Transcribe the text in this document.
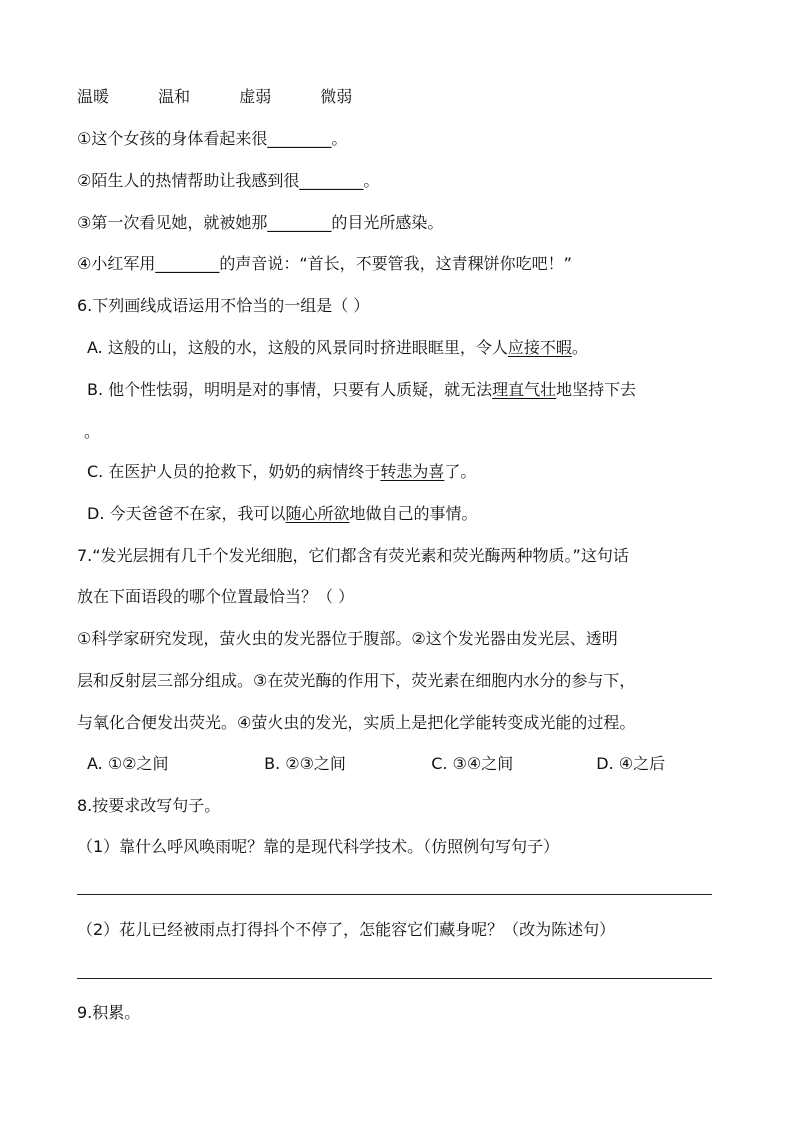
温暖	温和	虚弱	微弱
①这个女孩的身体看起来很________。
②陌生人的热情帮助让我感到很________。
③第一次看见她，就被她那________的目光所感染。
④小红军用________的声音说：“首长，不要管我，这青稞饼你吃吧！”
6.下列画线成语运用不恰当的一组是（ ）
A. 这般的山，这般的水，这般的风景同时挤进眼眶里，令人应接不暇。
B. 他个性怯弱，明明是对的事情，只要有人质疑，就无法理直气壮地坚持下去
。
C. 在医护人员的抢救下，奶奶的病情终于转悲为喜了。
D. 今天爸爸不在家，我可以随心所欲地做自己的事情。
7.“发光层拥有几千个发光细胞，它们都含有荧光素和荧光酶两种物质。”这句话
放在下面语段的哪个位置最恰当？（ ）
①科学家研究发现，萤火虫的发光器位于腹部。②这个发光器由发光层、透明
层和反射层三部分组成。③在荧光酶的作用下，荧光素在细胞内水分的参与下，
与氧化合便发出荧光。④萤火虫的发光，实质上是把化学能转变成光能的过程。
A. ①②之间	B. ②③之间	C. ③④之间	D. ④之后
8.按要求改写句子。
（1）靠什么呼风唤雨呢？靠的是现代科学技术。（仿照例句写句子）
（2）花儿已经被雨点打得抖个不停了，怎能容它们藏身呢？（改为陈述句）
9.积累。
